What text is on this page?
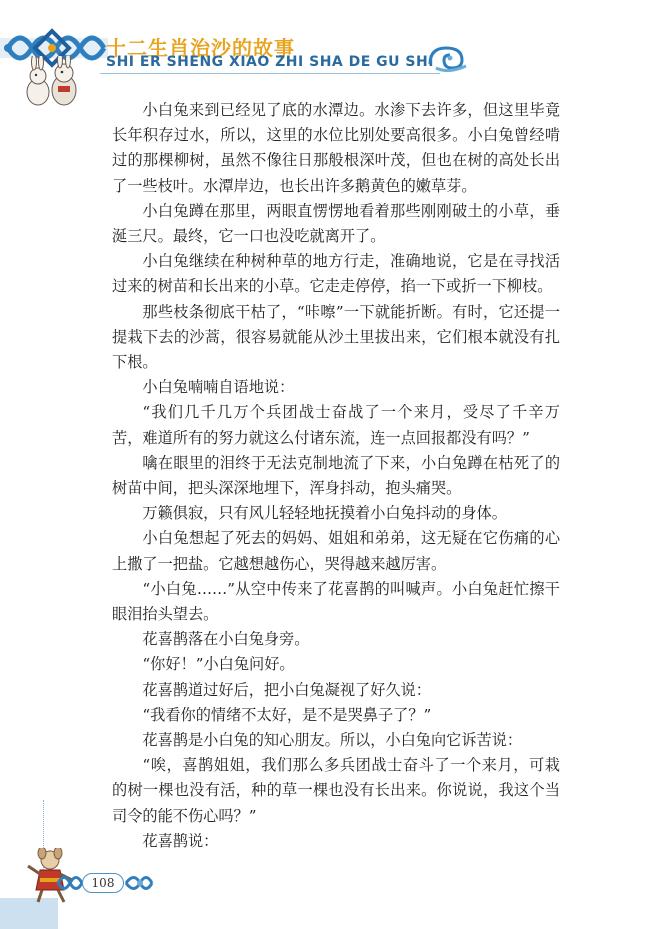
十二生肖治沙的故事
SHI ER SHENG XIAO ZHI SHA DE GU SHI

小白兔来到已经见了底的水潭边。水渗下去许多，但这里毕竟长年积存过水，所以，这里的水位比别处要高很多。小白兔曾经啃过的那棵柳树，虽然不像往日那般根深叶茂，但也在树的高处长出了一些枝叶。水潭岸边，也长出许多鹅黄色的嫩草芽。

小白兔蹲在那里，两眼直愣愣地看着那些刚刚破土的小草，垂涎三尺。最终，它一口也没吃就离开了。

小白兔继续在种树种草的地方行走，准确地说，它是在寻找活过来的树苗和长出来的小草。它走走停停，掐一下或折一下柳枝。

那些枝条彻底干枯了，“咔嚓”一下就能折断。有时，它还提一提栽下去的沙蒿，很容易就能从沙土里拔出来，它们根本就没有扎下根。

小白兔喃喃自语地说：

“我们几千几万个兵团战士奋战了一个来月，受尽了千辛万苦，难道所有的努力就这么付诸东流，连一点回报都没有吗？”

噙在眼里的泪终于无法克制地流了下来，小白兔蹲在枯死了的树苗中间，把头深深地埋下，浑身抖动，抱头痛哭。

万籁俱寂，只有风儿轻轻地抚摸着小白兔抖动的身体。

小白兔想起了死去的妈妈、姐姐和弟弟，这无疑在它伤痛的心上撒了一把盐。它越想越伤心，哭得越来越厉害。

“小白兔……”从空中传来了花喜鹊的叫喊声。小白兔赶忙擦干眼泪抬头望去。

花喜鹊落在小白兔身旁。

“你好！”小白兔问好。

花喜鹊道过好后，把小白兔凝视了好久说：

“我看你的情绪不太好，是不是哭鼻子了？”

花喜鹊是小白兔的知心朋友。所以，小白兔向它诉苦说：

“唉，喜鹊姐姐，我们那么多兵团战士奋斗了一个来月，可栽的树一棵也没有活，种的草一棵也没有长出来。你说说，我这个当司令的能不伤心吗？”

花喜鹊说：

108
